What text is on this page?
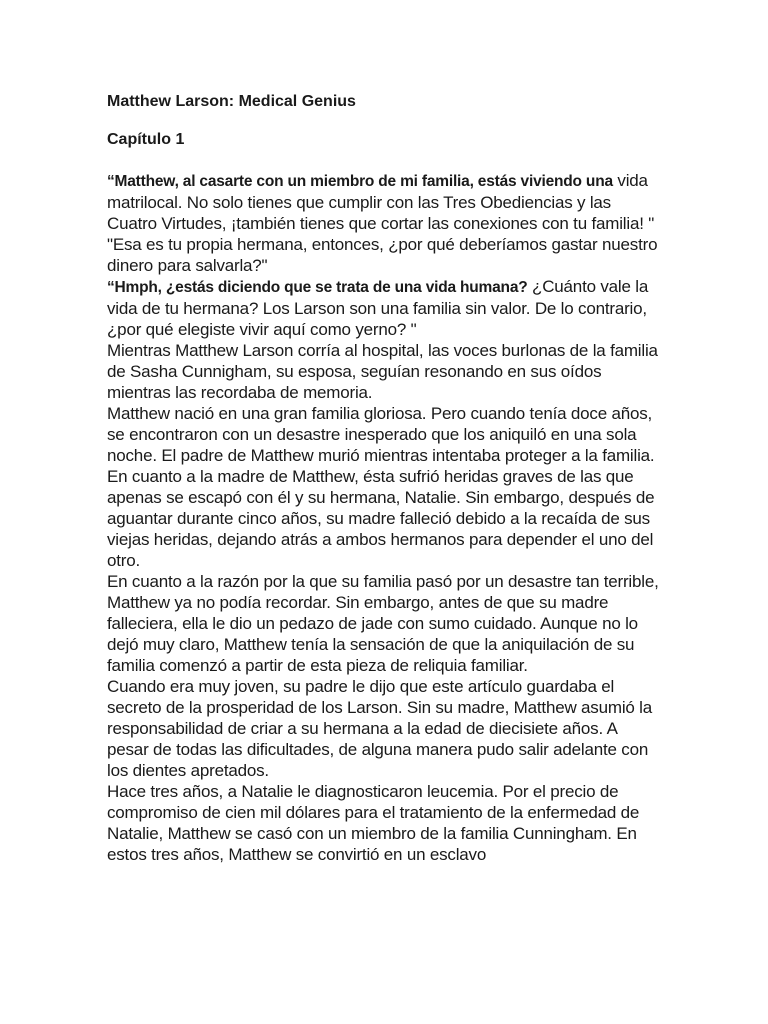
Matthew Larson: Medical Genius
Capítulo 1

“Matthew, al casarte con un miembro de mi familia, estás viviendo una vida matrilocal. No solo tienes que cumplir con las Tres Obediencias y las Cuatro Virtudes, ¡también tienes que cortar las conexiones con tu familia! "

"Esa es tu propia hermana, entonces, ¿por qué deberíamos gastar nuestro dinero para salvarla?"

“Hmph, ¿estás diciendo que se trata de una vida humana? ¿Cuánto vale la vida de tu hermana? Los Larson son una familia sin valor. De lo contrario, ¿por qué elegiste vivir aquí como yerno? "

Mientras Matthew Larson corría al hospital, las voces burlonas de la familia de Sasha Cunnigham, su esposa, seguían resonando en sus oídos mientras las recordaba de memoria.

Matthew nació en una gran familia gloriosa. Pero cuando tenía doce años, se encontraron con un desastre inesperado que los aniquiló en una sola noche. El padre de Matthew murió mientras intentaba proteger a la familia. En cuanto a la madre de Matthew, ésta sufrió heridas graves de las que apenas se escapó con él y su hermana, Natalie. Sin embargo, después de aguantar durante cinco años, su madre falleció debido a la recaída de sus viejas heridas, dejando atrás a ambos hermanos para depender el uno del otro.

En cuanto a la razón por la que su familia pasó por un desastre tan terrible, Matthew ya no podía recordar. Sin embargo, antes de que su madre falleciera, ella le dio un pedazo de jade con sumo cuidado. Aunque no lo dejó muy claro, Matthew tenía la sensación de que la aniquilación de su familia comenzó a partir de esta pieza de reliquia familiar.

Cuando era muy joven, su padre le dijo que este artículo guardaba el secreto de la prosperidad de los Larson. Sin su madre, Matthew asumió la responsabilidad de criar a su hermana a la edad de diecisiete años. A pesar de todas las dificultades, de alguna manera pudo salir adelante con los dientes apretados.

Hace tres años, a Natalie le diagnosticaron leucemia. Por el precio de compromiso de cien mil dólares para el tratamiento de la enfermedad de Natalie, Matthew se casó con un miembro de la familia Cunningham. En estos tres años, Matthew se convirtió en un esclavo
